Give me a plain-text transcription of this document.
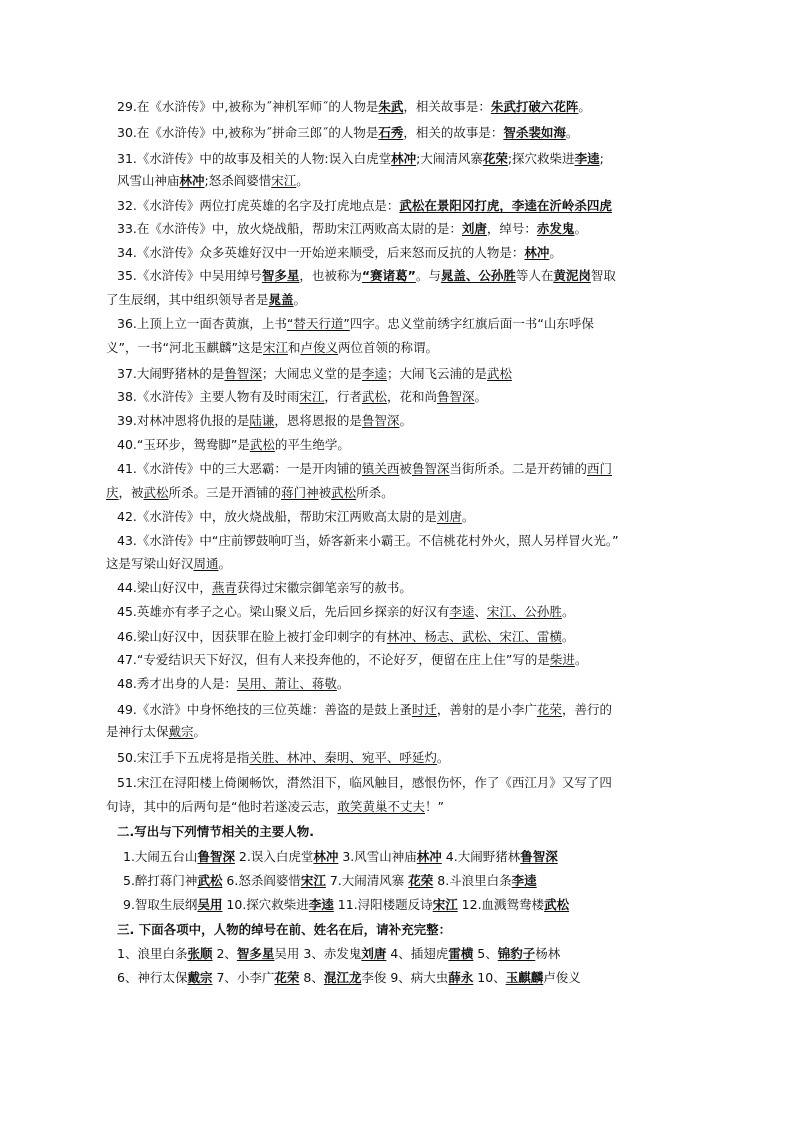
29.在《水浒传》中,被称为˝神机军师˝的人物是朱武，相关故事是：朱武打破六花阵。
30.在《水浒传》中,被称为˝拼命三郎˝的人物是石秀，相关的故事是：智杀裴如海。
31.《水浒传》中的故事及相关的人物:误入白虎堂林冲;大闹清风寨花荣;探穴救柴进李逵;
风雪山神庙林冲;怒杀阎婆惜宋江。
32.《水浒传》两位打虎英雄的名字及打虎地点是：武松在景阳冈打虎，李逵在沂岭杀四虎
33.在《水浒传》中，放火烧战船，帮助宋江两败高太尉的是：刘唐，绰号：赤发鬼。
34.《水浒传》众多英雄好汉中一开始逆来顺受，后来怒而反抗的人物是：林冲。
35.《水浒传》中吴用绰号智多星，也被称为“赛诸葛”。与晁盖、公孙胜等人在黄泥岗智取
了生辰纲，其中组织领导者是晁盖。
36.上顶上立一面杏黄旗，上书“替天行道”四字。忠义堂前绣字红旗后面一书“山东呼保
义”，一书“河北玉麒麟”这是宋江和卢俊义两位首领的称谓。
37.大闹野猪林的是鲁智深；大闹忠义堂的是李逵；大闹飞云浦的是武松
38.《水浒传》主要人物有及时雨宋江，行者武松，花和尚鲁智深。
39.对林冲恩将仇报的是陆谦，恩将恩报的是鲁智深。
40.“玉环步，鸳鸯脚”是武松的平生绝学。
41.《水浒传》中的三大恶霸：一是开肉铺的镇关西被鲁智深当街所杀。二是开药铺的西门
庆，被武松所杀。三是开酒铺的蒋门神被武松所杀。
42.《水浒传》中，放火烧战船，帮助宋江两败高太尉的是刘唐。
43.《水浒传》中“庄前锣鼓响叮当，娇客新来小霸王。不信桃花村外火，照人另样冒火光。”
这是写梁山好汉周通。
44.梁山好汉中，燕青获得过宋徽宗御笔亲写的赦书。
45.英雄亦有孝子之心。梁山聚义后，先后回乡探亲的好汉有李逵、宋江、公孙胜。
46.梁山好汉中，因获罪在脸上被打金印刺字的有林冲、杨志、武松、宋江、雷横。
47.“专爱结识天下好汉，但有人来投奔他的，不论好歹，便留在庄上住”写的是柴进。
48.秀才出身的人是：吴用、萧让、蒋敬。
49.《水浒》中身怀绝技的三位英雄：善盗的是鼓上蚤时迁，善射的是小李广花荣，善行的
是神行太保戴宗。
50.宋江手下五虎将是指关胜、林冲、秦明、宛平、呼延灼。
51.宋江在浔阳楼上倚阑畅饮，潸然泪下，临风触目，感恨伤怀，作了《西江月》又写了四
句诗，其中的后两句是“他时若遂凌云志，敢笑黄巢不丈夫！”
二.写出与下列情节相关的主要人物.
1.大闹五台山鲁智深 2.误入白虎堂林冲 3.风雪山神庙林冲 4.大闹野猪林鲁智深
5.醉打蒋门神武松 6.怒杀阎婆惜宋江 7.大闹清风寨 花荣 8.斗浪里白条李逵
9.智取生辰纲吴用 10.探穴救柴进李逵 11.浔阳楼题反诗宋江 12.血溅鸳鸯楼武松
三. 下面各项中，人物的绰号在前、姓名在后，请补充完整：
1、浪里白条张顺 2、智多星吴用 3、赤发鬼刘唐 4、插翅虎雷横 5、锦豹子杨林
6、神行太保戴宗 7、小李广花荣 8、混江龙李俊 9、病大虫薛永 10、玉麒麟卢俊义
